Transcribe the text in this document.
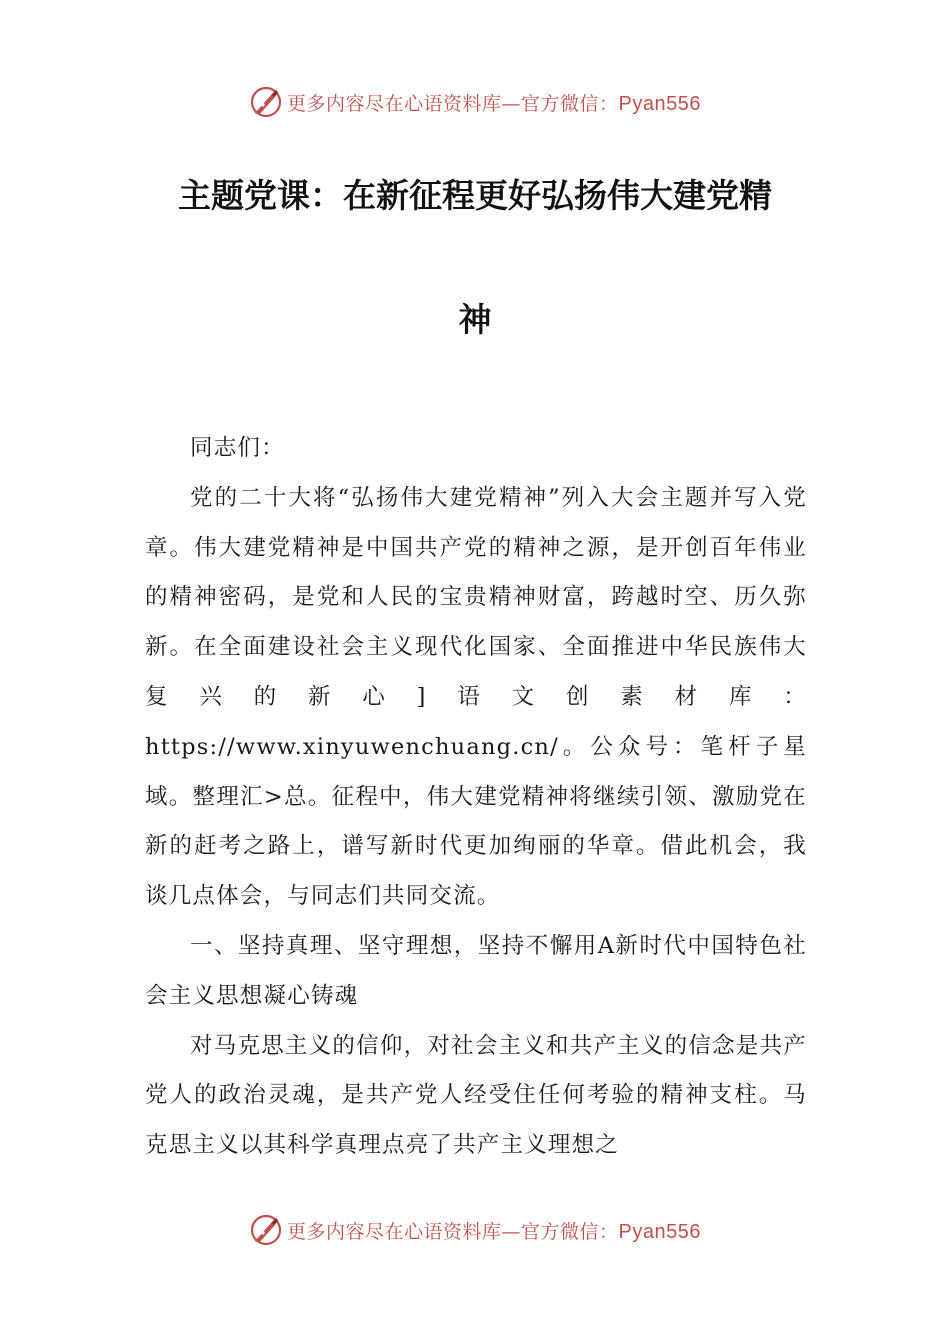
更多内容尽在心语资料库—官方微信：Pyan556
主题党课：在新征程更好弘扬伟大建党精
神

同志们：

党的二十大将“弘扬伟大建党精神”列入大会主题并写入党章。伟大建党精神是中国共产党的精神之源，是开创百年伟业的精神密码，是党和人民的宝贵精神财富，跨越时空、历久弥新。在全面建设社会主义现代化国家、全面推进中华民族伟大复兴的新心]语文创素材库：https://www.xinyuwenchuang.cn/。公众号：笔杆子星域。整理汇>总。征程中，伟大建党精神将继续引领、激励党在新的赶考之路上，谱写新时代更加绚丽的华章。借此机会，我谈几点体会，与同志们共同交流。

一、坚持真理、坚守理想，坚持不懈用A新时代中国特色社会主义思想凝心铸魂

对马克思主义的信仰，对社会主义和共产主义的信念是共产党人的政治灵魂，是共产党人经受住任何考验的精神支柱。马克思主义以其科学真理点亮了共产主义理想之

更多内容尽在心语资料库—官方微信：Pyan556
